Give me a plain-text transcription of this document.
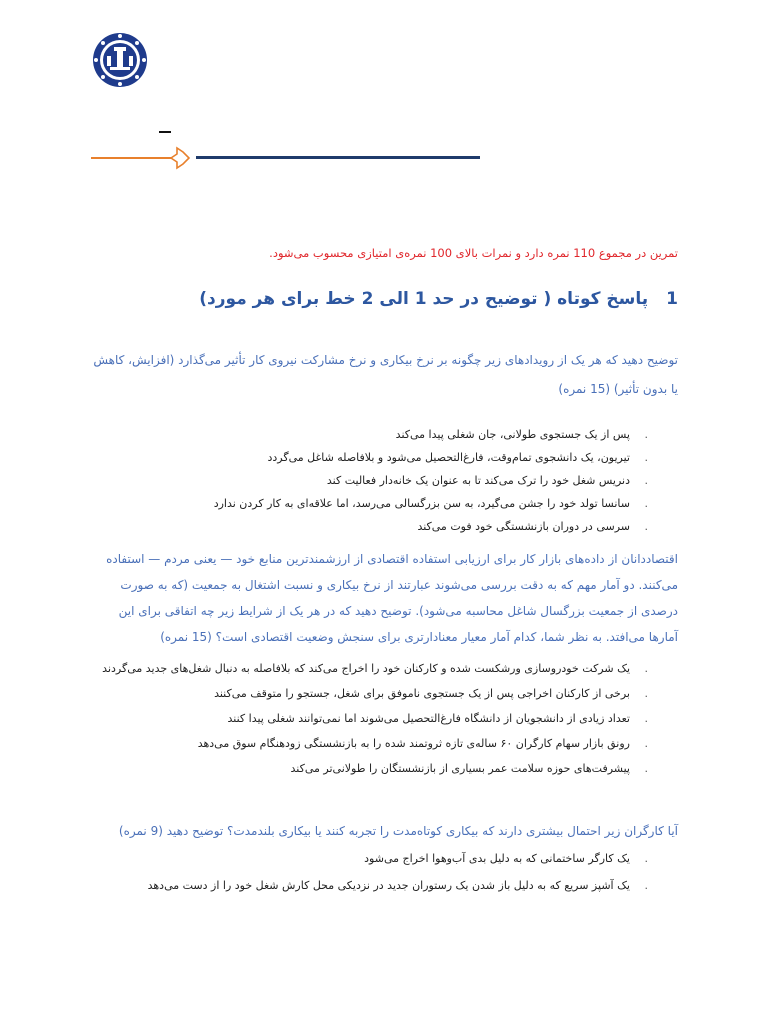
تمرین در مجموع 110 نمره دارد و نمرات بالای 100 نمره‌ی امتیازی محسوب می‌شود.
1پاسخ کوتاه ( توضیح در حد 1 الی 2 خط برای هر مورد)
توضیح دهید که هر یک از رویدادهای زیر چگونه بر نرخ بیکاری و نرخ مشارکت نیروی کار تأثیر می‌گذارد (افزایش، کاهش یا بدون تأثیر) (15 نمره)
.
پس از یک جستجوی طولانی، جان شغلی پیدا می‌کند
.
تیریون، یک دانشجوی تمام‌وقت، فارغ‌التحصیل می‌شود و بلافاصله شاغل می‌گردد
.
دنریس شغل خود را ترک می‌کند تا به عنوان یک خانه‌دار فعالیت کند
.
سانسا تولد خود را جشن می‌گیرد، به سن بزرگسالی می‌رسد، اما علاقه‌ای به کار کردن ندارد
.
سرسی در دوران بازنشستگی خود فوت می‌کند
اقتصاددانان از داده‌های بازار کار برای ارزیابی استفاده اقتصادی از ارزشمندترین منابع خود — یعنی مردم — استفاده می‌کنند. دو آمار مهم که به دقت بررسی می‌شوند عبارتند از نرخ بیکاری و نسبت اشتغال به جمعیت (که به صورت درصدی از جمعیت بزرگسال شاغل محاسبه می‌شود). توضیح دهید که در هر یک از شرایط زیر چه اتفاقی برای این آمارها می‌افتد. به نظر شما، کدام آمار معیار معنادارتری برای سنجش وضعیت اقتصادی است؟ (15 نمره)
.
یک شرکت خودروسازی ورشکست شده و کارکنان خود را اخراج می‌کند که بلافاصله به دنبال شغل‌های جدید می‌گردند
.
برخی از کارکنان اخراجی پس از یک جستجوی ناموفق برای شغل، جستجو را متوقف می‌کنند
.
تعداد زیادی از دانشجویان از دانشگاه فارغ‌التحصیل می‌شوند اما نمی‌توانند شغلی پیدا کنند
.
رونق بازار سهام کارگران ۶۰ ساله‌ی تازه ثروتمند شده را به بازنشستگی زودهنگام سوق می‌دهد
.
پیشرفت‌های حوزه سلامت عمر بسیاری از بازنشستگان را طولانی‌تر می‌کند
آیا کارگران زیر احتمال بیشتری دارند که بیکاری کوتاه‌مدت را تجربه کنند یا بیکاری بلندمدت؟ توضیح دهید (9 نمره)
.
یک کارگر ساختمانی که به دلیل بدی آب‌وهوا اخراج می‌شود
.
یک آشپز سریع که به دلیل باز شدن یک رستوران جدید در نزدیکی محل کارش شغل خود را از دست می‌دهد
